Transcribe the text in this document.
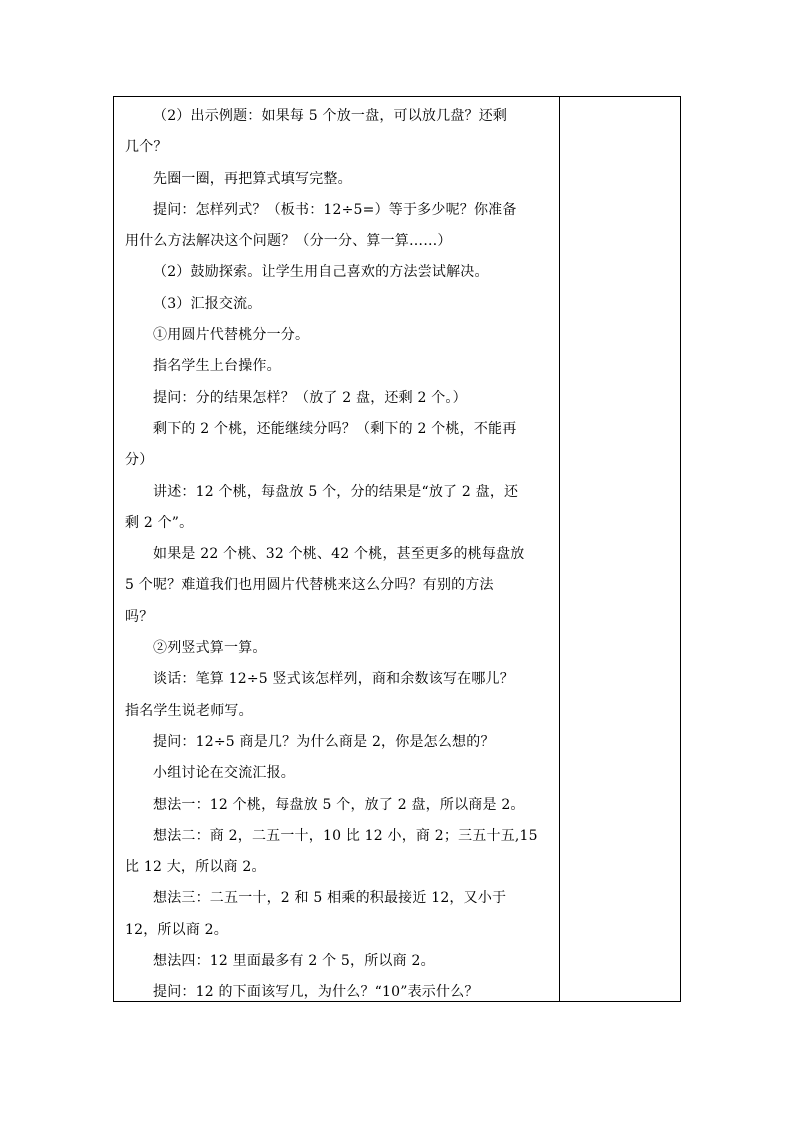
（2）出示例题：如果每 5 个放一盘，可以放几盘？还剩

几个？

先圈一圈，再把算式填写完整。

提问：怎样列式？（板书：12÷5=）等于多少呢？你准备

用什么方法解决这个问题？（分一分、算一算……）

（2）鼓励探索。让学生用自己喜欢的方法尝试解决。

（3）汇报交流。

①用圆片代替桃分一分。

指名学生上台操作。

提问：分的结果怎样？（放了 2 盘，还剩 2 个。）

剩下的 2 个桃，还能继续分吗？（剩下的 2 个桃，不能再

分）

讲述：12 个桃，每盘放 5 个，分的结果是“放了 2 盘，还

剩 2 个”。

如果是 22 个桃、32 个桃、42 个桃，甚至更多的桃每盘放

5 个呢？难道我们也用圆片代替桃来这么分吗？有别的方法

吗？

②列竖式算一算。

谈话：笔算 12÷5 竖式该怎样列，商和余数该写在哪儿？

指名学生说老师写。

提问：12÷5 商是几？为什么商是 2，你是怎么想的？

小组讨论在交流汇报。

想法一：12 个桃，每盘放 5 个，放了 2 盘，所以商是 2。

想法二：商 2，二五一十，10 比 12 小，商 2；三五十五,15

比 12 大，所以商 2。

想法三：二五一十，2 和 5 相乘的积最接近 12，又小于

12，所以商 2。

想法四：12 里面最多有 2 个 5，所以商 2。

提问：12 的下面该写几，为什么？“10”表示什么？
